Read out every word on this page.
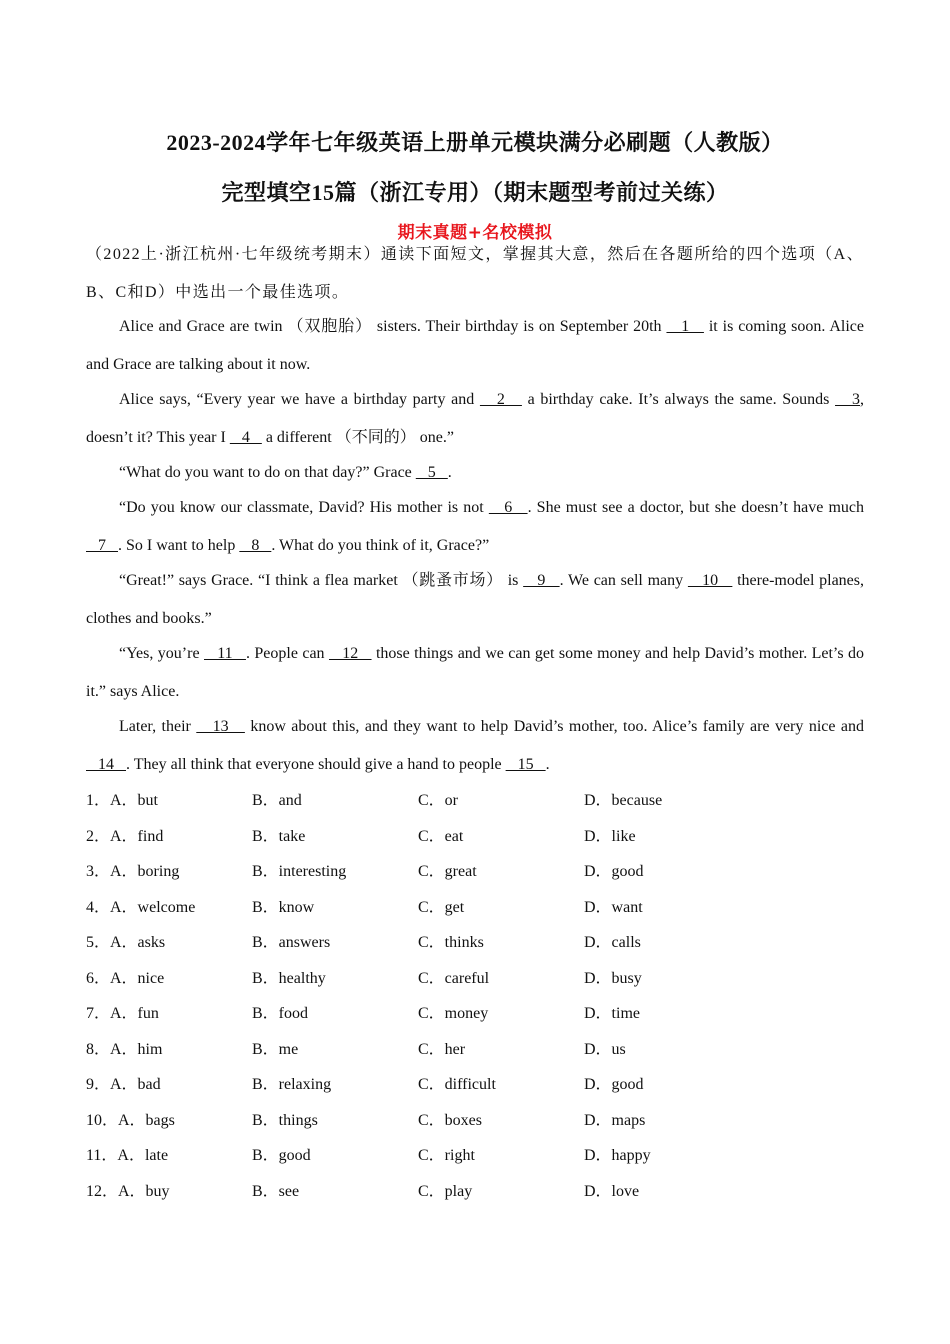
2023-2024学年七年级英语上册单元模块满分必刷题（人教版）
完型填空15篇（浙江专用）（期末题型考前过关练）
期末真题+名校模拟
（2022上·浙江杭州·七年级统考期末）通读下面短文，掌握其大意，然后在各题所给的四个选项（A、B、C和D）中选出一个最佳选项。

Alice and Grace are twin （双胞胎） sisters. Their birthday is on September 20th    1    it is coming soon. Alice and Grace are talking about it now.

Alice says, “Every year we have a birthday party and    2    a birthday cake. It’s always the same. Sounds    3, doesn’t it? This year I    4    a different （不同的） one.”

“What do you want to do on that day?” Grace    5   .

“Do you know our classmate, David? His mother is not    6   . She must see a doctor, but she doesn’t have much    7   . So I want to help    8   . What do you think of it, Grace?”

“Great!” says Grace. “I think a flea market （跳蚤市场） is    9   . We can sell many    10    there-model planes, clothes and books.”

“Yes, you’re    11   . People can    12    those things and we can get some money and help David’s mother. Let’s do it.” says Alice.

Later, their    13    know about this, and they want to help David’s mother, too. Alice’s family are very nice and    14   . They all think that everyone should give a hand to people    15   .

1．A．but	B．and	C．or	D．because
2．A．find	B．take	C．eat	D．like
3．A．boring	B．interesting	C．great	D．good
4．A．welcome	B．know	C．get	D．want
5．A．asks	B．answers	C．thinks	D．calls
6．A．nice	B．healthy	C．careful	D．busy
7．A．fun	B．food	C．money	D．time
8．A．him	B．me	C．her	D．us
9．A．bad	B．relaxing	C．difficult	D．good
10．A．bags	B．things	C．boxes	D．maps
11．A．late	B．good	C．right	D．happy
12．A．buy	B．see	C．play	D．love
